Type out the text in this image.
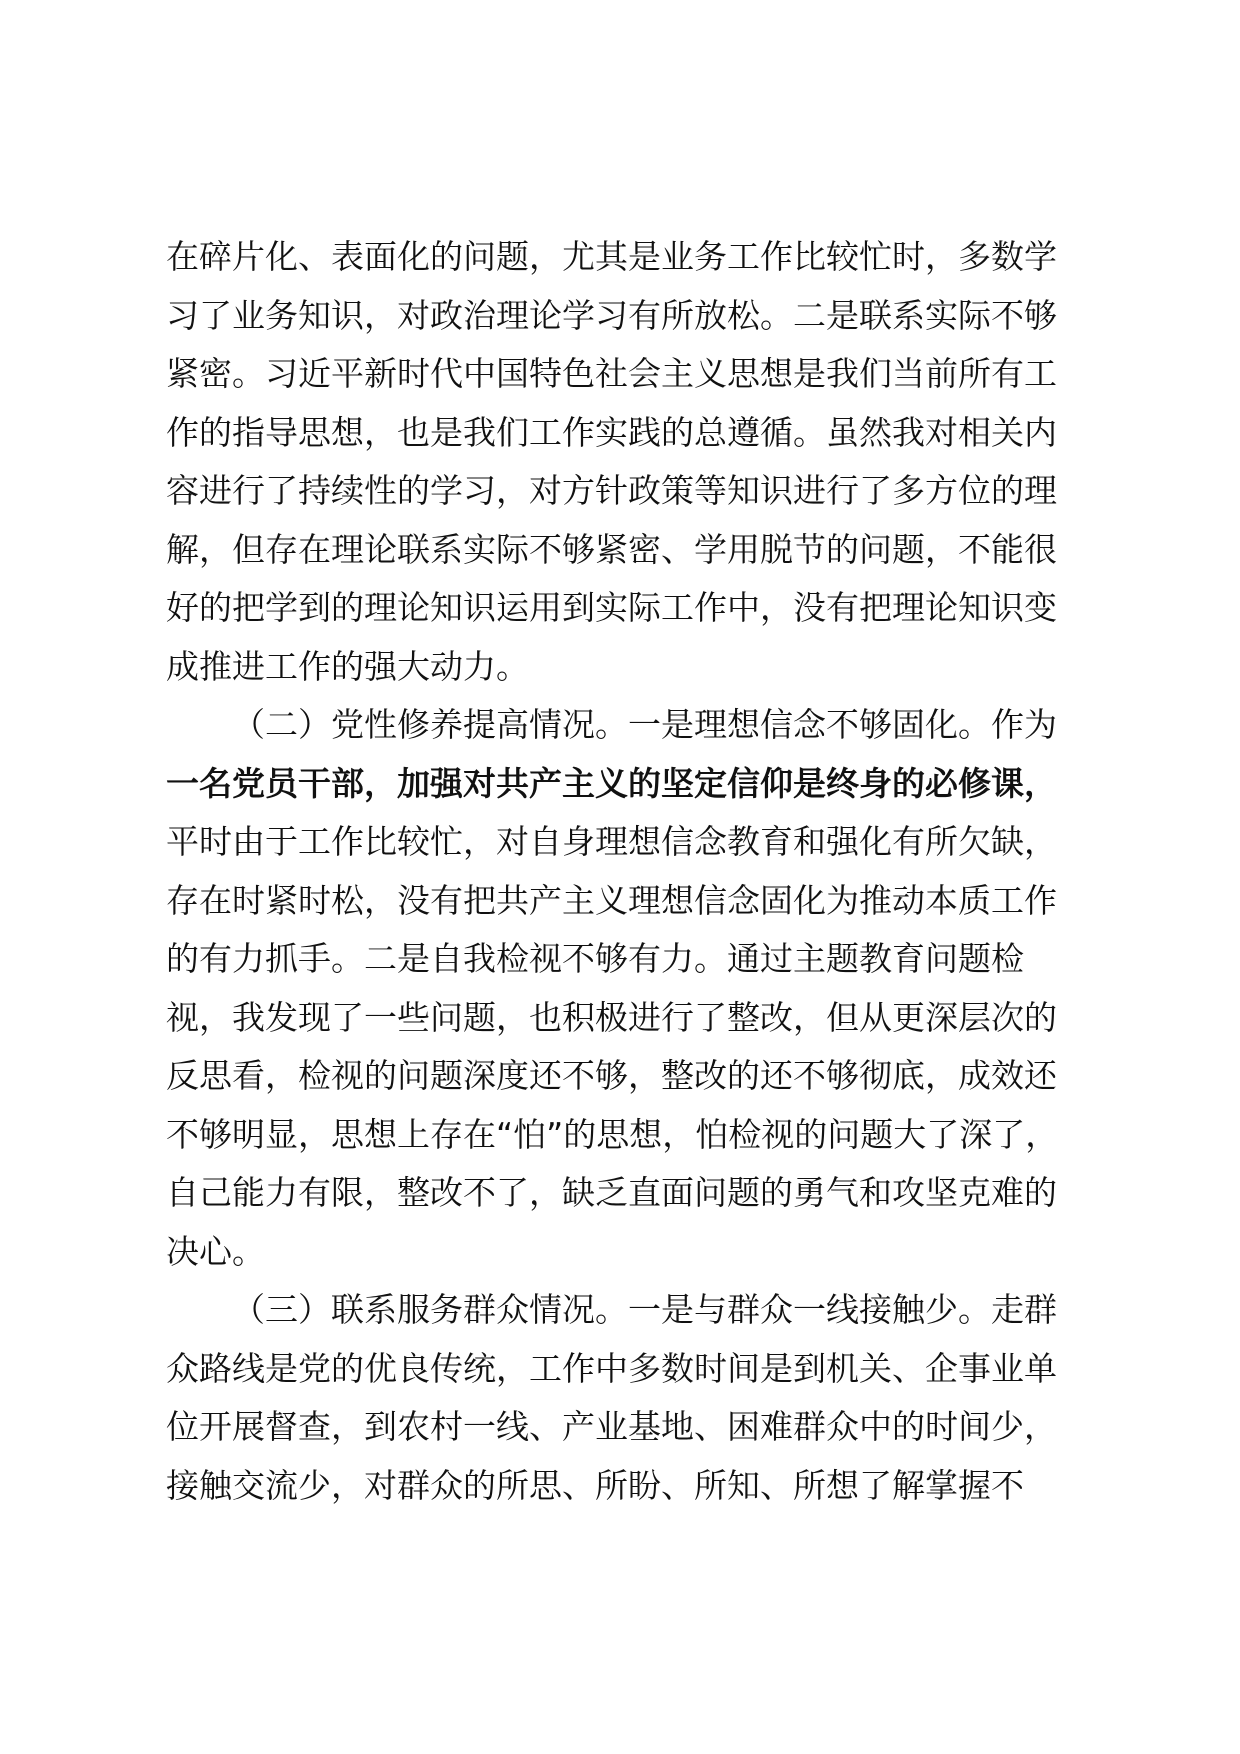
在碎片化、表面化的问题，尤其是业务工作比较忙时，多数学
习了业务知识，对政治理论学习有所放松。二是联系实际不够
紧密。习近平新时代中国特色社会主义思想是我们当前所有工
作的指导思想，也是我们工作实践的总遵循。虽然我对相关内
容进行了持续性的学习，对方针政策等知识进行了多方位的理
解，但存在理论联系实际不够紧密、学用脱节的问题，不能很
好的把学到的理论知识运用到实际工作中，没有把理论知识变
成推进工作的强大动力。
（二）党性修养提高情况。一是理想信念不够固化。作为
一名党员干部，加强对共产主义的坚定信仰是终身的必修课，
平时由于工作比较忙，对自身理想信念教育和强化有所欠缺，
存在时紧时松，没有把共产主义理想信念固化为推动本质工作
的有力抓手。二是自我检视不够有力。通过主题教育问题检
视，我发现了一些问题，也积极进行了整改，但从更深层次的
反思看，检视的问题深度还不够，整改的还不够彻底，成效还
不够明显，思想上存在“怕”的思想，怕检视的问题大了深了，
自己能力有限，整改不了，缺乏直面问题的勇气和攻坚克难的
决心。
（三）联系服务群众情况。一是与群众一线接触少。走群
众路线是党的优良传统，工作中多数时间是到机关、企事业单
位开展督查，到农村一线、产业基地、困难群众中的时间少，
接触交流少，对群众的所思、所盼、所知、所想了解掌握不
